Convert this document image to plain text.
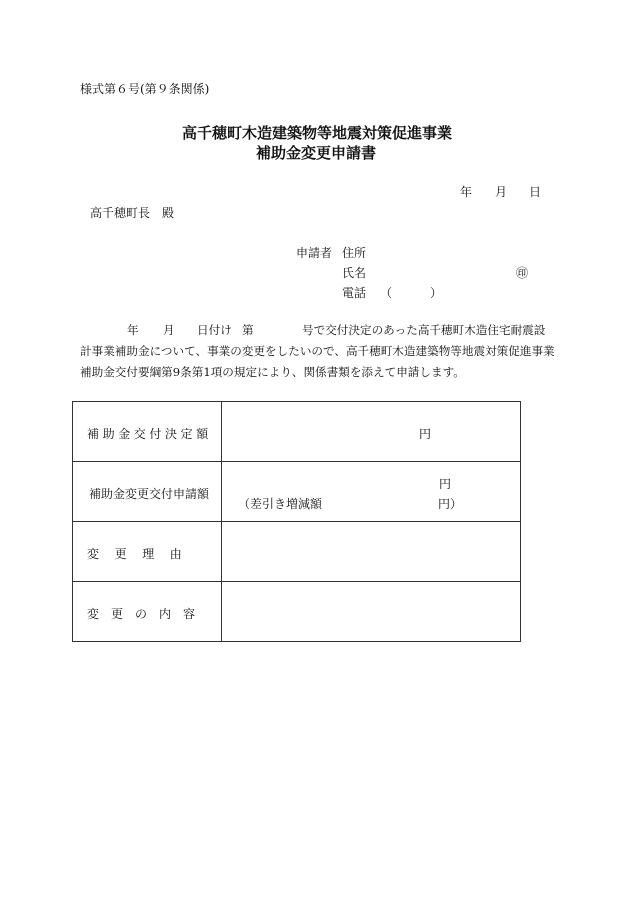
様式第６号(第９条関係)
高千穂町木造建築物等地震対策促進事業
補助金変更申請書
年 月 日
高千穂町長　殿
申請者 住所
氏名	㊞
電話 （	）
年 月 日付け 第	号で交付決定のあった高千穂町木造住宅耐震設
計事業補助金について、事業の変更をしたいので、高千穂町木造建築物等地震対策促進事業
補助金交付要綱第9条第1項の規定により、関係書類を添えて申請します。
補助金交付決定額	円

補助金変更交付申請額	円
（差引き増減額 円）

変　更　理　由	

変　更　の　内　容	
